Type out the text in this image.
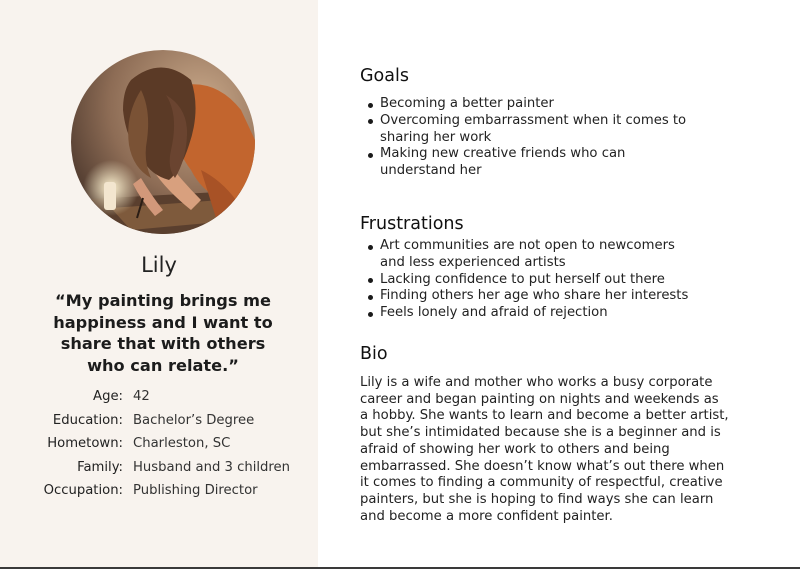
Lily
“My painting brings me happiness and I want to share that with others who can relate.”
Age: 42
Education: Bachelor’s Degree
Hometown: Charleston, SC
Family: Husband and 3 children
Occupation: Publishing Director
Goals
Becoming a better painter
Overcoming embarrassment when it comes to sharing her work
Making new creative friends who can understand her
Frustrations
Art communities are not open to newcomers and less experienced artists
Lacking confidence to put herself out there
Finding others her age who share her interests
Feels lonely and afraid of rejection
Bio
Lily is a wife and mother who works a busy corporate career and began painting on nights and weekends as a hobby. She wants to learn and become a better artist, but she’s intimidated because she is a beginner and is afraid of showing her work to others and being embarrassed. She doesn’t know what’s out there when it comes to finding a community of respectful, creative painters, but she is hoping to find ways she can learn and become a more confident painter.
